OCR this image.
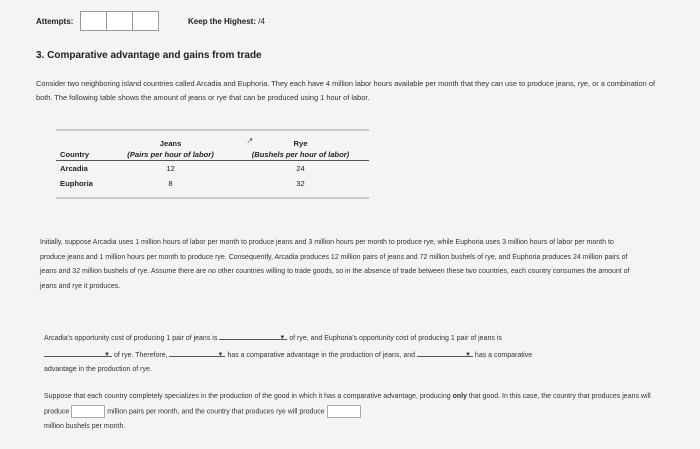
Attempts:	Keep the Highest: /4
3. Comparative advantage and gains from trade
Consider two neighboring island countries called Arcadia and Euphoria. They each have 4 million labor hours available per month that they can use to produce jeans, rye, or a combination of both. The following table shows the amount of jeans or rye that can be produced using 1 hour of labor.
	Jeans	Rye
Country	(Pairs per hour of labor)	(Bushels per hour of labor)
Arcadia	12	24
Euphoria	8	32
⭧
Initially, suppose Arcadia uses 1 million hours of labor per month to produce jeans and 3 million hours per month to produce rye, while Euphoria uses 3 million hours of labor per month to produce jeans and 1 million hours per month to produce rye. Consequently, Arcadia produces 12 million pairs of jeans and 72 million bushels of rye, and Euphoria produces 24 million pairs of jeans and 32 million bushels of rye. Assume there are no other countries willing to trade goods, so in the absence of trade between these two countries, each country consumes the amount of jeans and rye it produces.
Arcadia's opportunity cost of producing 1 pair of jeans is	▼ of rye, and Euphoria's opportunity cost of producing 1 pair of jeans is

▼ of rye. Therefore,	▼ has a comparative advantage in the production of jeans, and	▼ has a comparative
advantage in the production of rye.
Suppose that each country completely specializes in the production of the good in which it has a comparative advantage, producing only that good. In this case, the country that produces jeans will produce	million pairs per month, and the country that produces rye will produce
million bushels per month.
